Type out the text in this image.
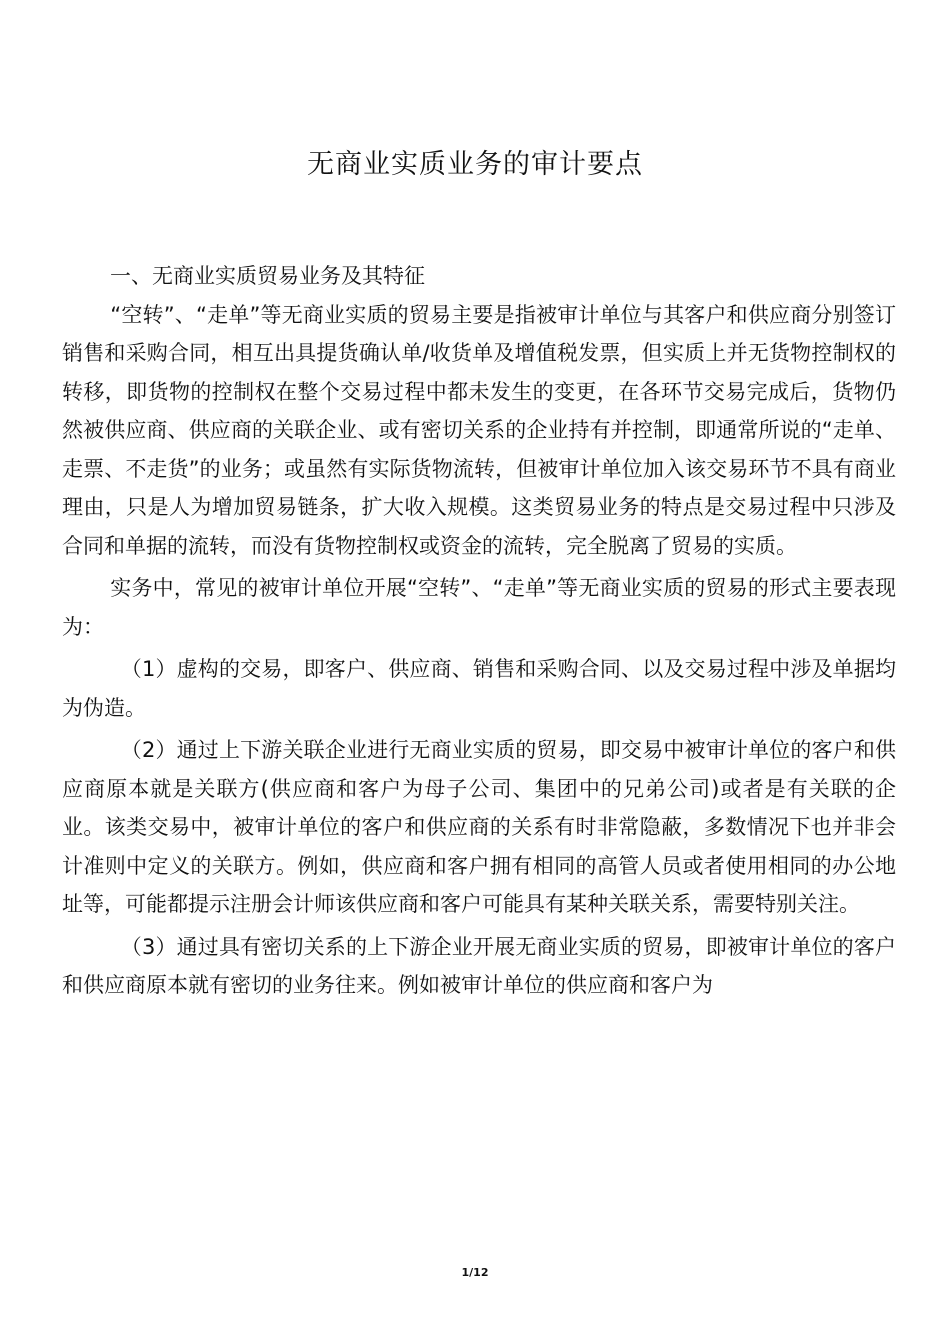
无商业实质业务的审计要点

一、无商业实质贸易业务及其特征

“空转”、“走单”等无商业实质的贸易主要是指被审计单位与其客户和供应商分别签订销售和采购合同，相互出具提货确认单/收货单及增值税发票，但实质上并无货物控制权的转移，即货物的控制权在整个交易过程中都未发生的变更，在各环节交易完成后，货物仍然被供应商、供应商的关联企业、或有密切关系的企业持有并控制，即通常所说的“走单、走票、不走货”的业务；或虽然有实际货物流转，但被审计单位加入该交易环节不具有商业理由，只是人为增加贸易链条，扩大收入规模。这类贸易业务的特点是交易过程中只涉及合同和单据的流转，而没有货物控制权或资金的流转，完全脱离了贸易的实质。

实务中，常见的被审计单位开展“空转”、“走单”等无商业实质的贸易的形式主要表现为：

（1）虚构的交易，即客户、供应商、销售和采购合同、以及交易过程中涉及单据均为伪造。

（2）通过上下游关联企业进行无商业实质的贸易，即交易中被审计单位的客户和供应商原本就是关联方(供应商和客户为母子公司、集团中的兄弟公司)或者是有关联的企业。该类交易中，被审计单位的客户和供应商的关系有时非常隐蔽，多数情况下也并非会计准则中定义的关联方。例如，供应商和客户拥有相同的高管人员或者使用相同的办公地址等，可能都提示注册会计师该供应商和客户可能具有某种关联关系，需要特别关注。

（3）通过具有密切关系的上下游企业开展无商业实质的贸易，即被审计单位的客户和供应商原本就有密切的业务往来。例如被审计单位的供应商和客户为

1/12
